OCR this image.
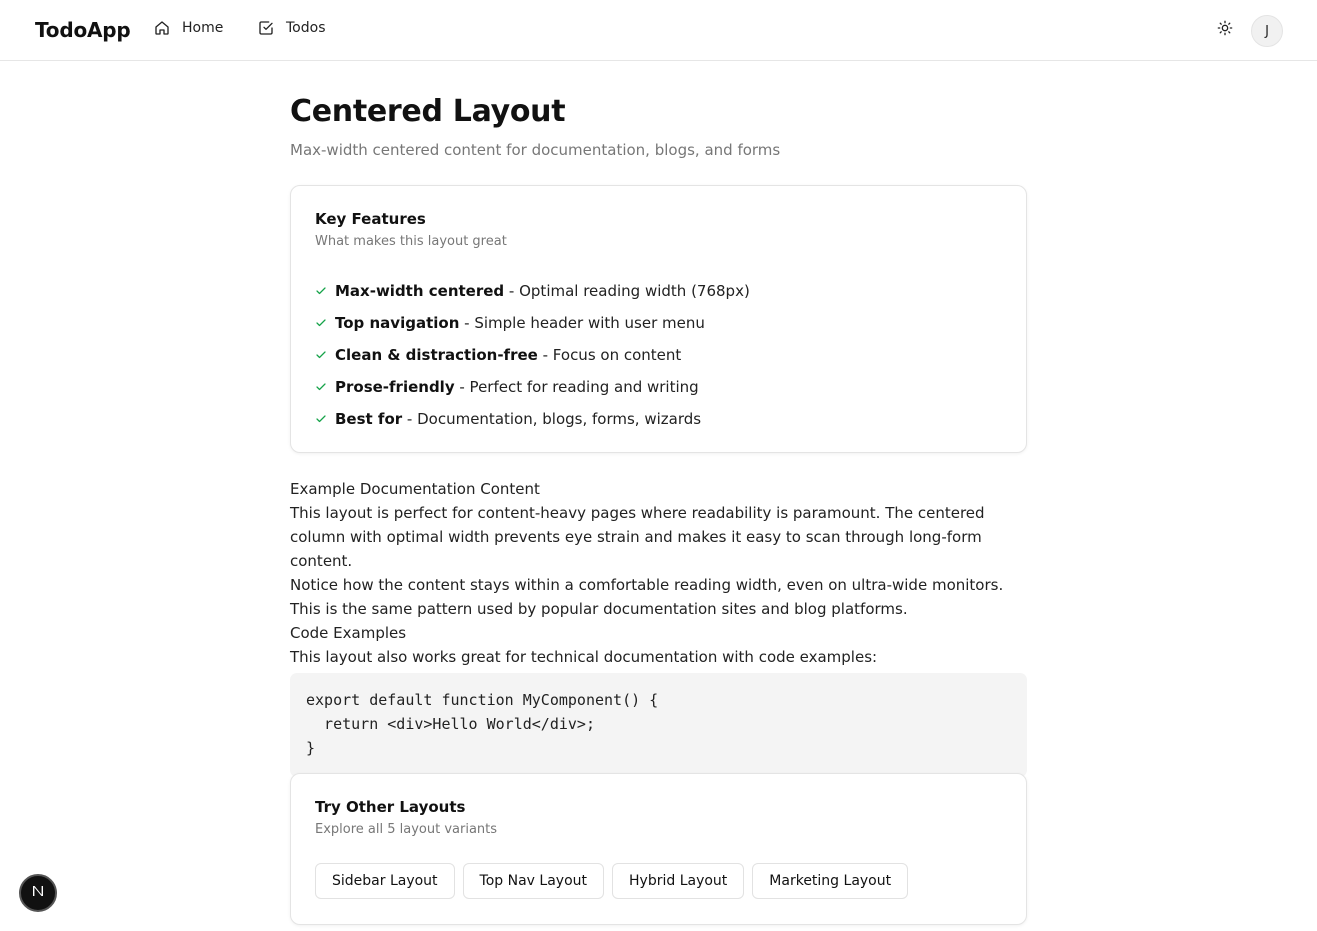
TodoApp	Home	Todos	J
Centered Layout

Max-width centered content for documentation, blogs, and forms

Key Features
What makes this layout great
Max-width centered - Optimal reading width (768px)
Top navigation - Simple header with user menu
Clean & distraction-free - Focus on content
Prose-friendly - Perfect for reading and writing
Best for - Documentation, blogs, forms, wizards
Example Documentation Content

This layout is perfect for content-heavy pages where readability is paramount. The centered column with optimal width prevents eye strain and makes it easy to scan through long-form content.

Notice how the content stays within a comfortable reading width, even on ultra-wide monitors. This is the same pattern used by popular documentation sites and blog platforms.

Code Examples

This layout also works great for technical documentation with code examples:

export default function MyComponent() {
return <div>Hello World</div>;
}
Try Other Layouts
Explore all 5 layout variants
Sidebar Layout	Top Nav Layout	Hybrid Layout	Marketing Layout
